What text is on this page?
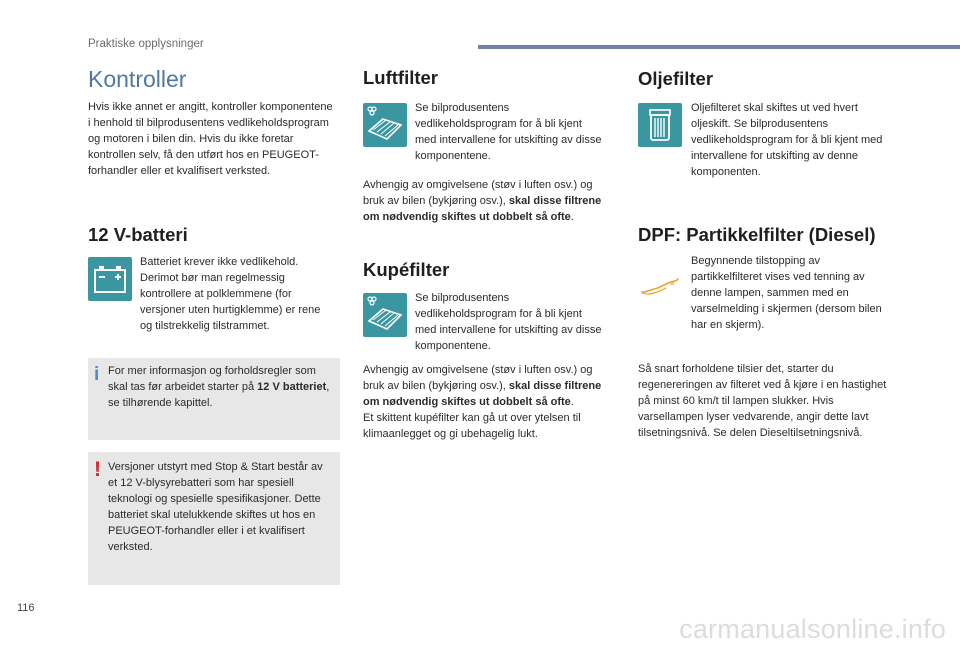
Praktiske opplysninger
Kontroller

Hvis ikke annet er angitt, kontroller komponentene i henhold til bilprodusentens vedlikeholdsprogram og motoren i bilen din. Hvis du ikke foretar kontrollen selv, få den utført hos en PEUGEOT-forhandler eller et kvalifisert verksted.

12 V-batteri

Batteriet krever ikke vedlikehold. Derimot bør man regelmessig kontrollere at polklemmene (for versjoner uten hurtigklemme) er rene og tilstrekkelig tilstrammet.

i For mer informasjon og forholdsregler som skal tas før arbeidet starter på 12 V batteriet, se tilhørende kapittel.

! Versjoner utstyrt med Stop & Start består av et 12 V-blysyrebatteri som har spesiell teknologi og spesielle spesifikasjoner. Dette batteriet skal utelukkende skiftes ut hos en PEUGEOT-forhandler eller i et kvalifisert verksted.

Luftfilter

Se bilprodusentens vedlikeholdsprogram for å bli kjent med intervallene for utskifting av disse komponentene.

Avhengig av omgivelsene (støv i luften osv.) og bruk av bilen (bykjøring osv.), skal disse filtrene om nødvendig skiftes ut dobbelt så ofte.

Kupéfilter

Se bilprodusentens vedlikeholdsprogram for å bli kjent med intervallene for utskifting av disse komponentene.

Avhengig av omgivelsene (støv i luften osv.) og bruk av bilen (bykjøring osv.), skal disse filtrene om nødvendig skiftes ut dobbelt så ofte.
Et skittent kupéfilter kan gå ut over ytelsen til klimaanlegget og gi ubehagelig lukt.

Oljefilter

Oljefilteret skal skiftes ut ved hvert oljeskift. Se bilprodusentens vedlikeholdsprogram for å bli kjent med intervallene for utskifting av denne komponenten.

DPF: Partikkelfilter (Diesel)

Begynnende tilstopping av partikkelfilteret vises ved tenning av denne lampen, sammen med en varselmelding i skjermen (dersom bilen har en skjerm).

Så snart forholdene tilsier det, starter du regenereringen av filteret ved å kjøre i en hastighet på minst 60 km/t til lampen slukker. Hvis varsellampen lyser vedvarende, angir dette lavt tilsetningsnivå. Se delen Dieseltilsetningsnivå.

116
carmanualsonline.info
